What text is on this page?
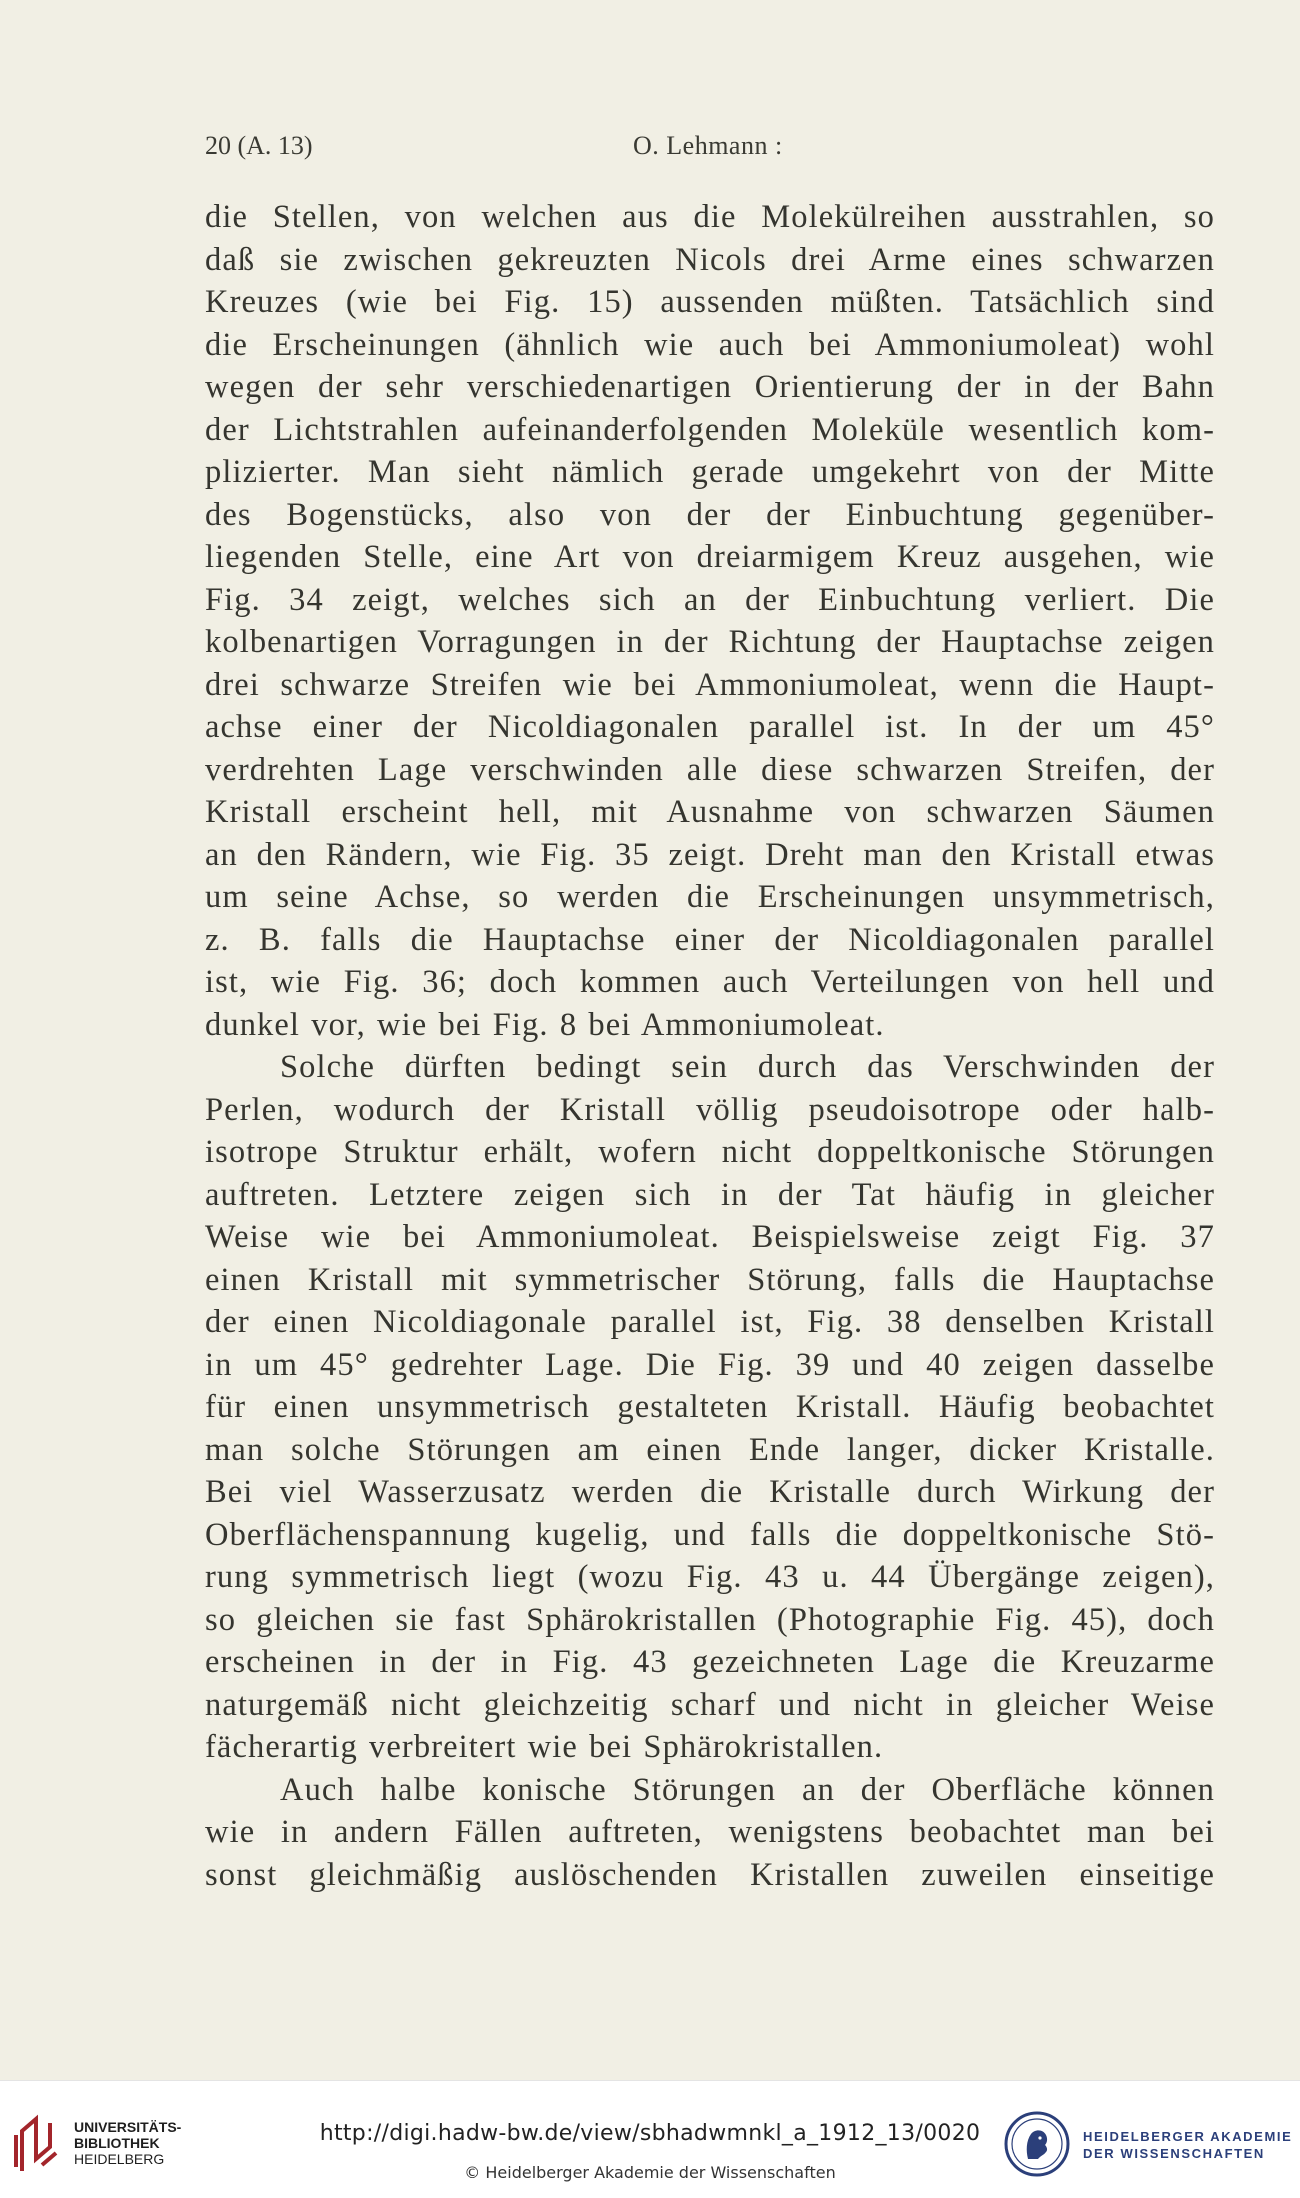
20 (A. 13)	O. Lehmann :
die Stellen, von welchen aus die Molekülreihen ausstrahlen, so
daß sie zwischen gekreuzten Nicols drei Arme eines schwarzen
Kreuzes (wie bei Fig. 15) aussenden müßten. Tatsächlich sind
die Erscheinungen (ähnlich wie auch bei Ammoniumoleat) wohl
wegen der sehr verschiedenartigen Orientierung der in der Bahn
der Lichtstrahlen aufeinanderfolgenden Moleküle wesentlich kom-
plizierter. Man sieht nämlich gerade umgekehrt von der Mitte
des Bogenstücks, also von der der Einbuchtung gegenüber-
liegenden Stelle, eine Art von dreiarmigem Kreuz ausgehen, wie
Fig. 34 zeigt, welches sich an der Einbuchtung verliert. Die
kolbenartigen Vorragungen in der Richtung der Hauptachse zeigen
drei schwarze Streifen wie bei Ammoniumoleat, wenn die Haupt-
achse einer der Nicoldiagonalen parallel ist. In der um 45°
verdrehten Lage verschwinden alle diese schwarzen Streifen, der
Kristall erscheint hell, mit Ausnahme von schwarzen Säumen
an den Rändern, wie Fig. 35 zeigt. Dreht man den Kristall etwas
um seine Achse, so werden die Erscheinungen unsymmetrisch,
z. B. falls die Hauptachse einer der Nicoldiagonalen parallel
ist, wie Fig. 36; doch kommen auch Verteilungen von hell und
dunkel vor, wie bei Fig. 8 bei Ammoniumoleat.
Solche dürften bedingt sein durch das Verschwinden der
Perlen, wodurch der Kristall völlig pseudoisotrope oder halb-
isotrope Struktur erhält, wofern nicht doppeltkonische Störungen
auftreten. Letztere zeigen sich in der Tat häufig in gleicher
Weise wie bei Ammoniumoleat. Beispielsweise zeigt Fig. 37
einen Kristall mit symmetrischer Störung, falls die Hauptachse
der einen Nicoldiagonale parallel ist, Fig. 38 denselben Kristall
in um 45° gedrehter Lage. Die Fig. 39 und 40 zeigen dasselbe
für einen unsymmetrisch gestalteten Kristall. Häufig beobachtet
man solche Störungen am einen Ende langer, dicker Kristalle.
Bei viel Wasserzusatz werden die Kristalle durch Wirkung der
Oberflächenspannung kugelig, und falls die doppeltkonische Stö-
rung symmetrisch liegt (wozu Fig. 43 u. 44 Übergänge zeigen),
so gleichen sie fast Sphärokristallen (Photographie Fig. 45), doch
erscheinen in der in Fig. 43 gezeichneten Lage die Kreuzarme
naturgemäß nicht gleichzeitig scharf und nicht in gleicher Weise
fächerartig verbreitert wie bei Sphärokristallen.
Auch halbe konische Störungen an der Oberfläche können
wie in andern Fällen auftreten, wenigstens beobachtet man bei
sonst gleichmäßig auslöschenden Kristallen zuweilen einseitige
UNIVERSITÄTS-
BIBLIOTHEK
HEIDELBERG
http://digi.hadw-bw.de/view/sbhadwmnkl_a_1912_13/0020
© Heidelberger Akademie der Wissenschaften
HEIDELBERGER AKADEMIE
DER WISSENSCHAFTEN
